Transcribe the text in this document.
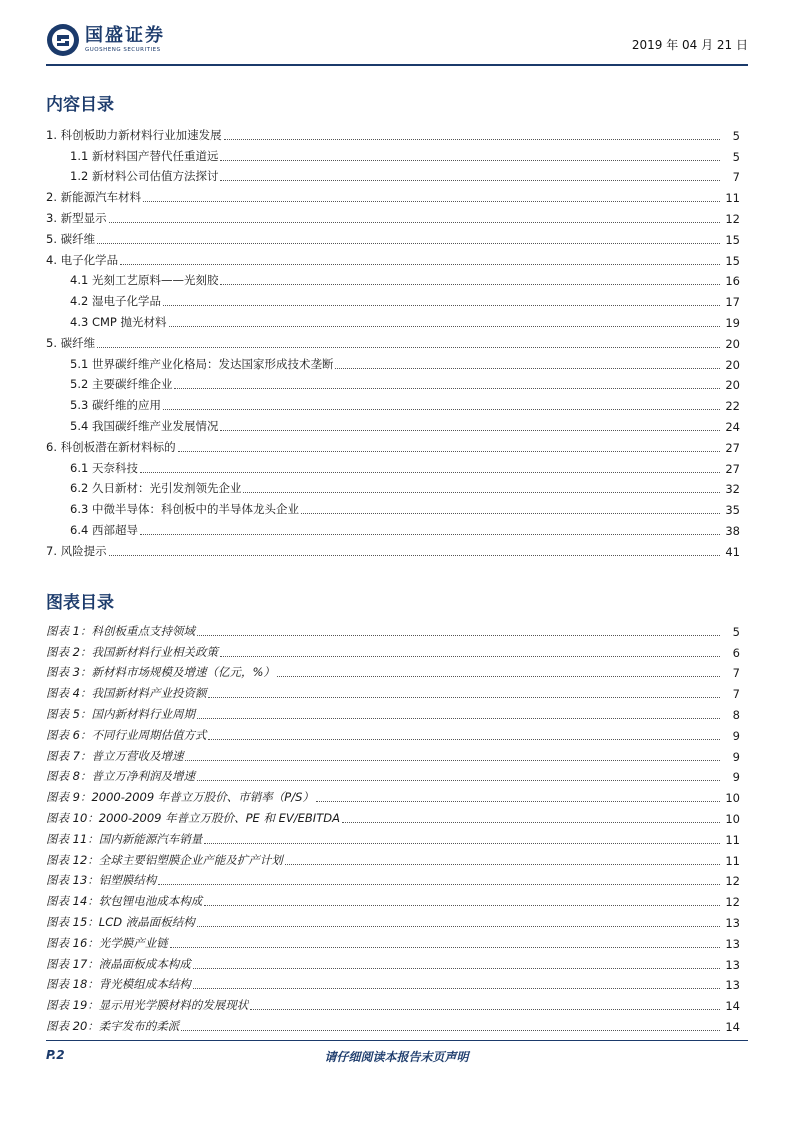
国盛证券
GUOSHENG SECURITIES	2019 年 04 月 21 日
内容目录
1. 科创板助力新材料行业加速发展	5
1.1 新材料国产替代任重道远	5
1.2 新材料公司估值方法探讨	7
2. 新能源汽车材料	11
3. 新型显示	12
5. 碳纤维	15
4. 电子化学品	15
4.1 光刻工艺原料——光刻胶	16
4.2 湿电子化学品	17
4.3 CMP 抛光材料	19
5. 碳纤维	20
5.1 世界碳纤维产业化格局：发达国家形成技术垄断	20
5.2 主要碳纤维企业	20
5.3 碳纤维的应用	22
5.4 我国碳纤维产业发展情况	24
6. 科创板潜在新材料标的	27
6.1 天奈科技	27
6.2 久日新材：光引发剂领先企业	32
6.3 中微半导体：科创板中的半导体龙头企业	35
6.4 西部超导	38
7. 风险提示	41
图表目录
图表 1：科创板重点支持领域	5
图表 2：我国新材料行业相关政策	6
图表 3：新材料市场规模及增速（亿元，%）	7
图表 4：我国新材料产业投资额	7
图表 5：国内新材料行业周期	8
图表 6：不同行业周期估值方式	9
图表 7：普立万营收及增速	9
图表 8：普立万净利润及增速	9
图表 9：2000-2009 年普立万股价、市销率（P/S）	10
图表 10：2000-2009 年普立万股价、PE 和 EV/EBITDA	10
图表 11：国内新能源汽车销量	11
图表 12：全球主要铝塑膜企业产能及扩产计划	11
图表 13：铝塑膜结构	12
图表 14：软包锂电池成本构成	12
图表 15：LCD 液晶面板结构	13
图表 16：光学膜产业链	13
图表 17：液晶面板成本构成	13
图表 18：背光模组成本结构	13
图表 19：显示用光学膜材料的发展现状	14
图表 20：柔宇发布的柔派	14
P.2	请仔细阅读本报告末页声明
